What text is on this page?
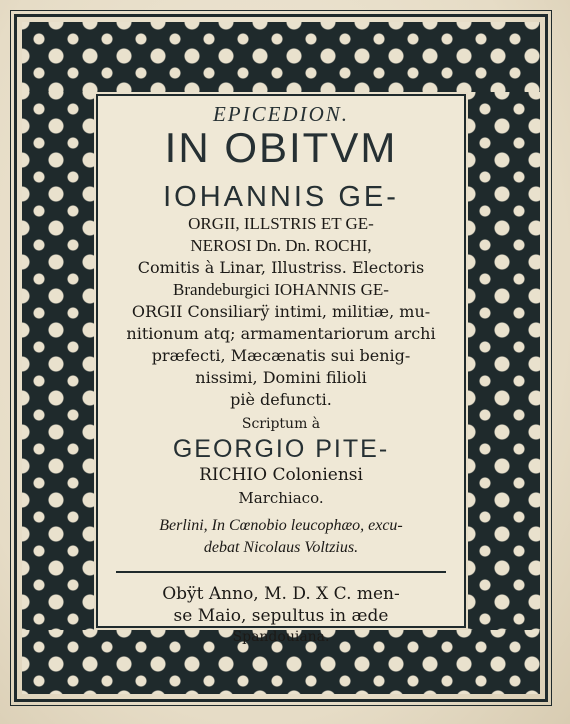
EPICEDION.
IN OBITVM
IOHANNIS GE-
ORGII, ILLSTRIS ET GE-
NEROSI Dn. Dn. ROCHI,
Comitis à Linar, Illustriss. Electoris
Brandeburgici IOHANNIS GE-
ORGII Consiliarÿ intimi, militiæ, mu-
nitionum atq; armamentariorum archi
præfecti, Mæcænatis sui benig-
nissimi, Domini filioli
piè defuncti.
Scriptum à
GEORGIO PITE-
RICHIO Coloniensi
Marchiaco.
Berlini, In Cœnobio leucophæo, excu-
debat Nicolaus Voltzius.
Obÿt Anno, M. D. X C. men-
se Maio, sepultus in æde
Spandouiana.
